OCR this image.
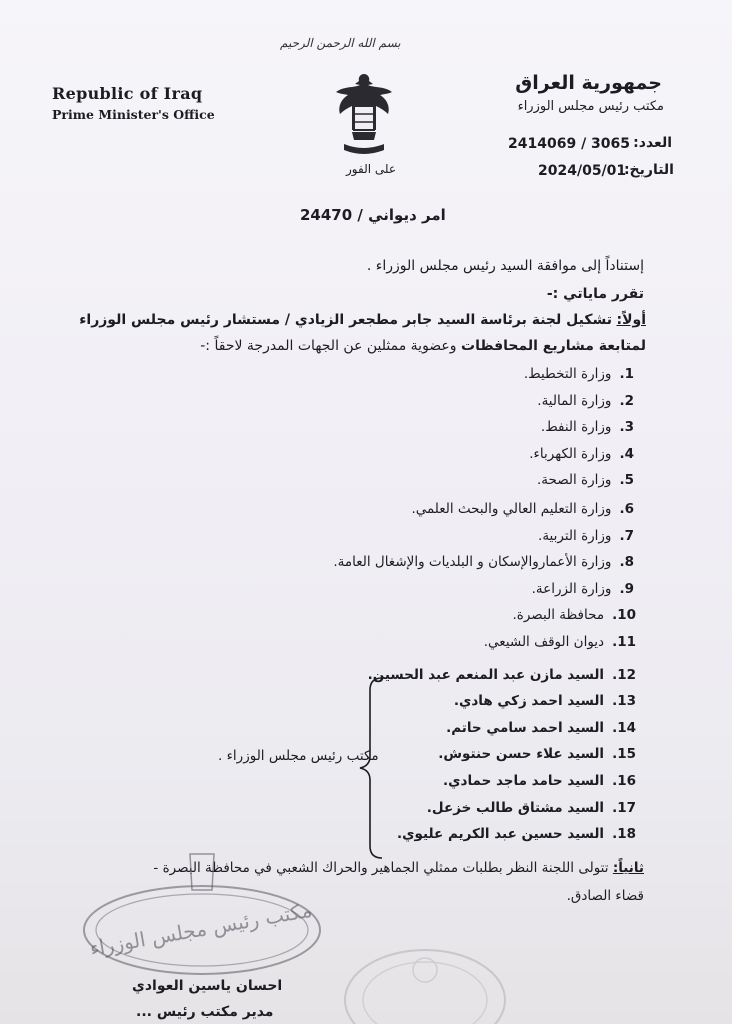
بسم الله الرحمن الرحيم
Republic of Iraq
Prime Minister's Office
جمهورية العراق
مكتب رئيس مجلس الوزراء
على الفور
العدد:
2414069 / 3065
التاريخ:
2024/05/01
امر ديواني / 24470
إستناداً إلى موافقة السيد رئيس مجلس الوزراء .
تقرر ماياتي :-
أولاً: تشكيل لجنة برئاسة السيد جابر مطجعر الزيادي / مستشار رئيس مجلس الوزراء
لمتابعة مشاريع المحافظات وعضوية ممثلين عن الجهات المدرجة لاحقاً :-
1.وزارة التخطيط.
2.وزارة المالية.
3.وزارة النفط.
4.وزارة الكهرباء.
5.وزارة الصحة.
6.وزارة التعليم العالي والبحث العلمي.
7.وزارة التربية.
8.وزارة الأعماروالإسكان و البلديات والإشغال العامة.
9.وزارة الزراعة.
10.محافظة البصرة.
11.ديوان الوقف الشيعي.
12.السيد مازن عبد المنعم عبد الحسين.
13.السيد احمد زكي هادي.
14.السيد احمد سامي حاتم.
15.السيد علاء حسن حنتوش.
16.السيد حامد ماجد حمادي.
17.السيد مشتاق طالب خزعل.
18.السيد حسين عبد الكريم عليوي.
مكتب رئيس مجلس الوزراء .
ثانياً: تتولى اللجنة النظر بطلبات ممثلي الجماهير والحراك الشعبي في محافظة البصرة -
قضاء الصادق.
مكتب رئيس مجلس الوزراء
احسان ياسين العوادي
مدير مكتب رئيس ...
